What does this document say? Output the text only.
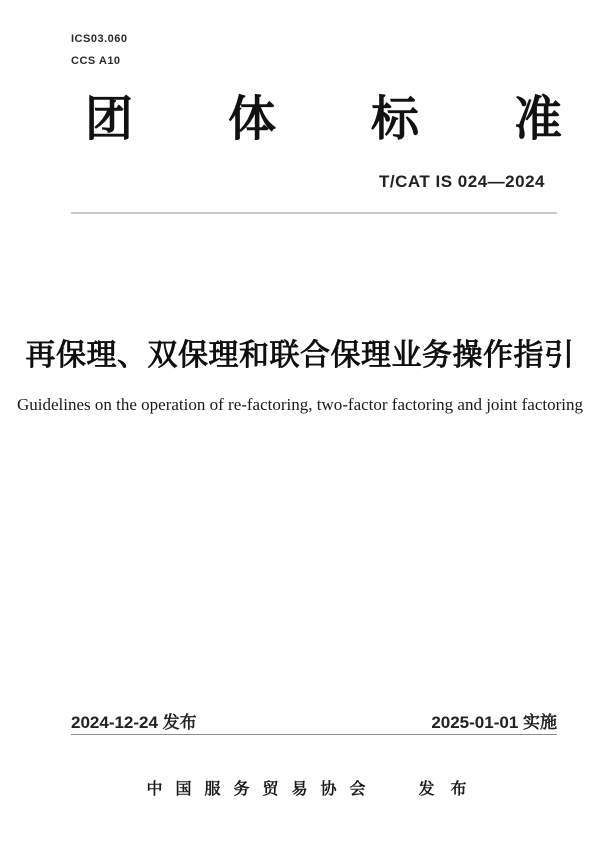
ICS03.060
CCS A10
团 体 标 准
T/CAT IS 024—2024
再保理、双保理和联合保理业务操作指引
Guidelines on the operation of re-factoring, two-factor factoring and joint factoring
2024-12-24 发布	2025-01-01 实施
中国服务贸易协会	发布
